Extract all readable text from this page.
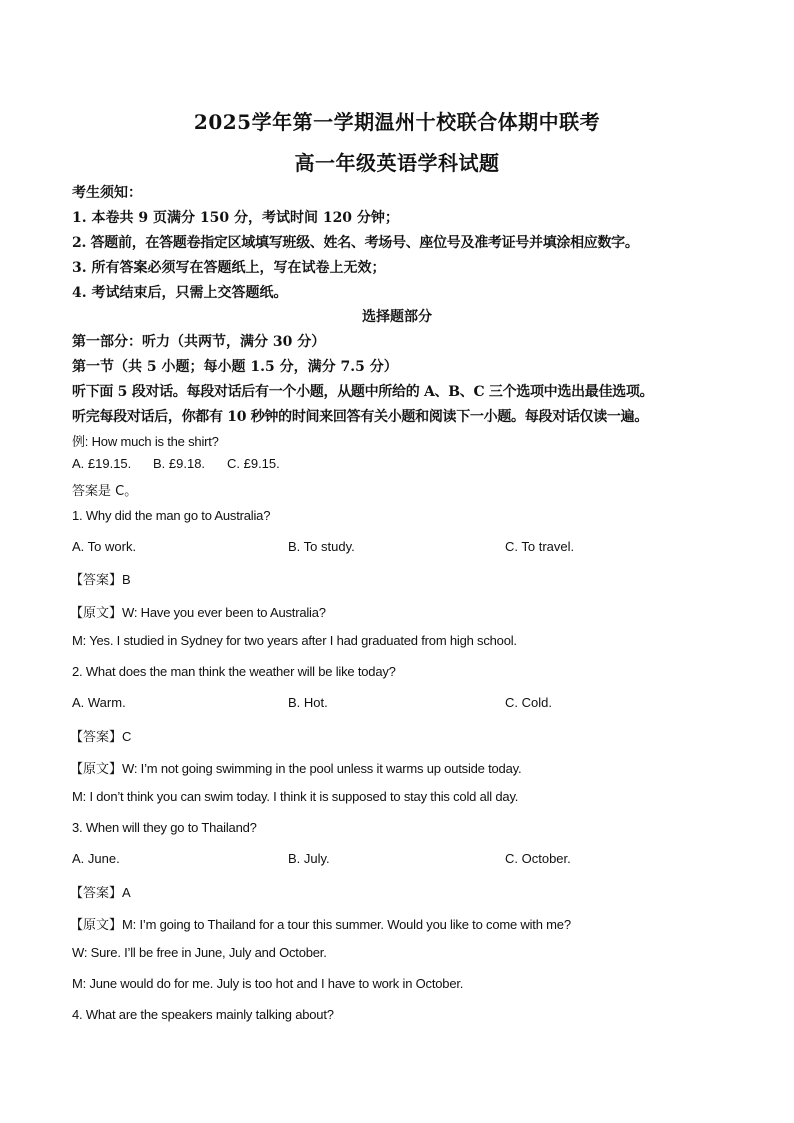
2025学年第一学期温州十校联合体期中联考
高一年级英语学科试题
考生须知：
1. 本卷共 9 页满分 150 分，考试时间 120 分钟；
2. 答题前，在答题卷指定区域填写班级、姓名、考场号、座位号及准考证号并填涂相应数字。
3. 所有答案必须写在答题纸上，写在试卷上无效；
4. 考试结束后，只需上交答题纸。
选择题部分
第一部分：听力（共两节，满分 30 分）
第一节（共 5 小题；每小题 1.5 分，满分 7.5 分）
听下面 5 段对话。每段对话后有一个小题，从题中所给的 A、B、C 三个选项中选出最佳选项。
听完每段对话后，你都有 10 秒钟的时间来回答有关小题和阅读下一小题。每段对话仅读一遍。
例: How much is the shirt?
A. £19.15. B. £9.18. C. £9.15.
答案是 C。
1. Why did the man go to Australia?
A. To work.	B. To study.	C. To travel.
【答案】B
【原文】W: Have you ever been to Australia?
M: Yes. I studied in Sydney for two years after I had graduated from high school.
2. What does the man think the weather will be like today?
A. Warm.	B. Hot.	C. Cold.
【答案】C
【原文】W: I’m not going swimming in the pool unless it warms up outside today.
M: I don’t think you can swim today. I think it is supposed to stay this cold all day.
3. When will they go to Thailand?
A. June.	B. July.	C. October.
【答案】A
【原文】M: I’m going to Thailand for a tour this summer. Would you like to come with me?
W: Sure. I’ll be free in June, July and October.
M: June would do for me. July is too hot and I have to work in October.
4. What are the speakers mainly talking about?
